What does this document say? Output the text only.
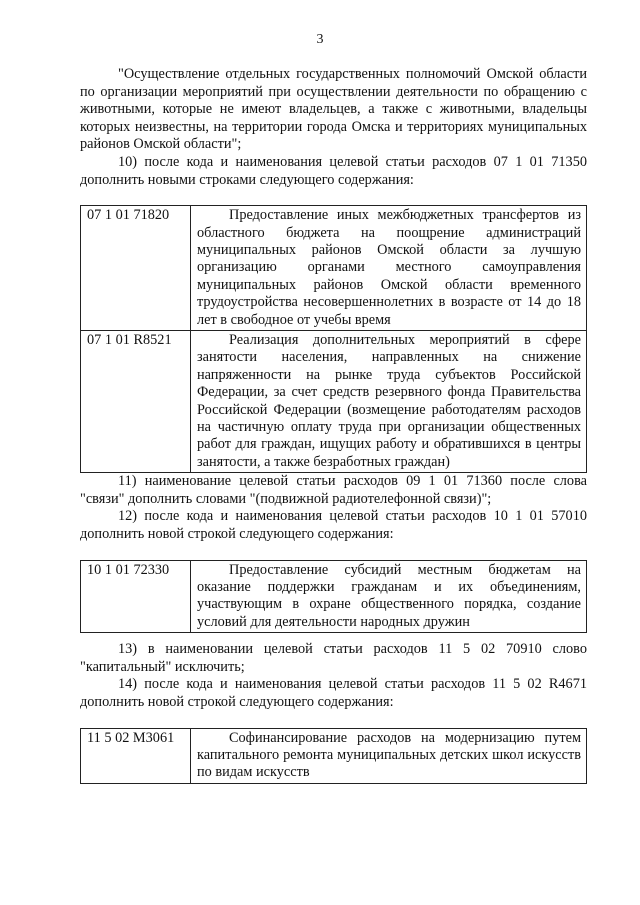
3

"Осуществление отдельных государственных полномочий Омской области по организации мероприятий при осуществлении деятельности по обращению с животными, которые не имеют владельцев, а также с животными, владельцы которых неизвестны, на территории города Омска и территориях муниципальных районов Омской области";

10) после кода и наименования целевой статьи расходов 07 1 01 71350 дополнить новыми строками следующего содержания:

07 1 01 71820	Предоставление иных межбюджетных трансфертов из областного бюджета на поощрение администраций муниципальных районов Омской области за лучшую организацию органами местного самоуправления муниципальных районов Омской области временного трудоустройства несовершеннолетних в возрасте от 14 до 18 лет в свободное от учебы время
07 1 01 R8521	Реализация дополнительных мероприятий в сфере занятости населения, направленных на снижение напряженности на рынке труда субъектов Российской Федерации, за счет средств резервного фонда Правительства Российской Федерации (возмещение работодателям расходов на частичную оплату труда при организации общественных работ для граждан, ищущих работу и обратившихся в центры занятости, а также безработных граждан)

11) наименование целевой статьи расходов 09 1 01 71360 после слова "связи" дополнить словами "(подвижной радиотелефонной связи)";

12) после кода и наименования целевой статьи расходов 10 1 01 57010 дополнить новой строкой следующего содержания:

10 1 01 72330	Предоставление субсидий местным бюджетам на оказание поддержки гражданам и их объединениям, участвующим в охране общественного порядка, создание условий для деятельности народных дружин

13) в наименовании целевой статьи расходов 11 5 02 70910 слово "капитальный" исключить;

14) после кода и наименования целевой статьи расходов 11 5 02 R4671 дополнить новой строкой следующего содержания:

11 5 02 M3061	Софинансирование расходов на модернизацию путем капитального ремонта муниципальных детских школ искусств по видам искусств
